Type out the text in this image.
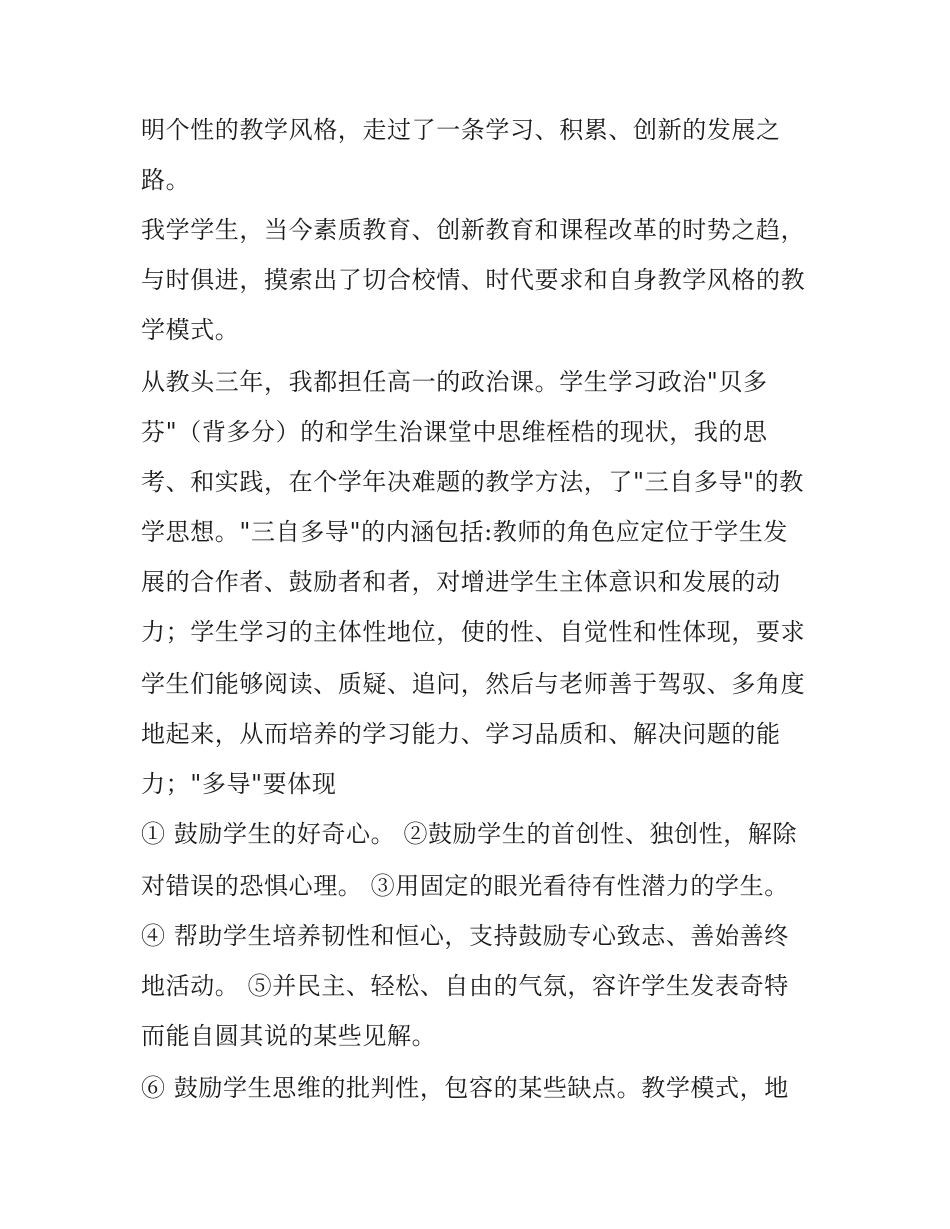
明个性的教学风格，走过了一条学习、积累、创新的发展之

路。

我学学生，当今素质教育、创新教育和课程改革的时势之趋，

与时俱进，摸索出了切合校情、时代要求和自身教学风格的教

学模式。

从教头三年，我都担任高一的政治课。学生学习政治"贝多

芬"（背多分）的和学生治课堂中思维桎梏的现状，我的思

考、和实践，在个学年决难题的教学方法，了"三自多导"的教

学思想。"三自多导"的内涵包括:教师的角色应定位于学生发

展的合作者、鼓励者和者，对增进学生主体意识和发展的动

力；学生学习的主体性地位，使的性、自觉性和性体现，要求

学生们能够阅读、质疑、追问，然后与老师善于驾驭、多角度

地起来，从而培养的学习能力、学习品质和、解决问题的能

力；"多导"要体现

① 鼓励学生的好奇心。 ②鼓励学生的首创性、独创性，解除

对错误的恐惧心理。 ③用固定的眼光看待有性潜力的学生。

④ 帮助学生培养韧性和恒心，支持鼓励专心致志、善始善终

地活动。 ⑤并民主、轻松、自由的气氛，容许学生发表奇特

而能自圆其说的某些见解。

⑥ 鼓励学生思维的批判性，包容的某些缺点。教学模式，地
